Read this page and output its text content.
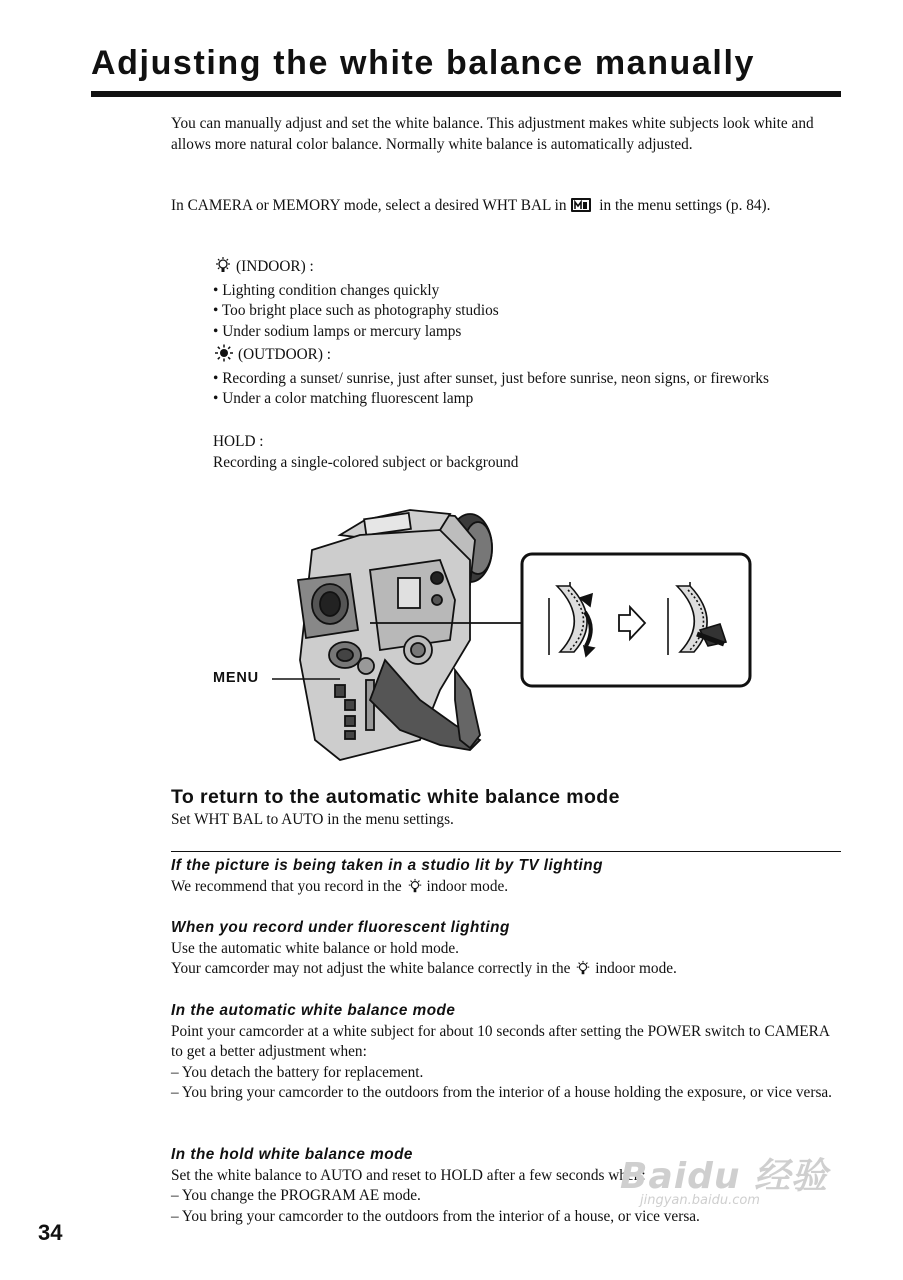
Adjusting the white balance manually

You can manually adjust and set the white balance. This adjustment makes white subjects look white and allows more natural color balance. Normally white balance is automatically adjusted.

In CAMERA or MEMORY mode, select a desired WHT BAL in in the menu settings (p. 84).

(INDOOR) :

• Lighting condition changes quickly

• Too bright place such as photography studios

• Under sodium lamps or mercury lamps

(OUTDOOR) :

• Recording a sunset/ sunrise, just after sunset, just before sunrise, neon signs, or fireworks

• Under a color matching fluorescent lamp

HOLD :

Recording a single-colored subject or background

MENU

To return to the automatic white balance mode

Set WHT BAL to AUTO in the menu settings.

If the picture is being taken in a studio lit by TV lighting

We recommend that you record in the indoor mode.

When you record under fluorescent lighting

Use the automatic white balance or hold mode.

Your camcorder may not adjust the white balance correctly in the indoor mode.

In the automatic white balance mode

Point your camcorder at a white subject for about 10 seconds after setting the POWER switch to CAMERA to get a better adjustment when:

– You detach the battery for replacement.

– You bring your camcorder to the outdoors from the interior of a house holding the exposure, or vice versa.

In the hold white balance mode

Set the white balance to AUTO and reset to HOLD after a few seconds when:

– You change the PROGRAM AE mode.

– You bring your camcorder to the outdoors from the interior of a house, or vice versa.

Baidu 经验
jingyan.baidu.com

34
